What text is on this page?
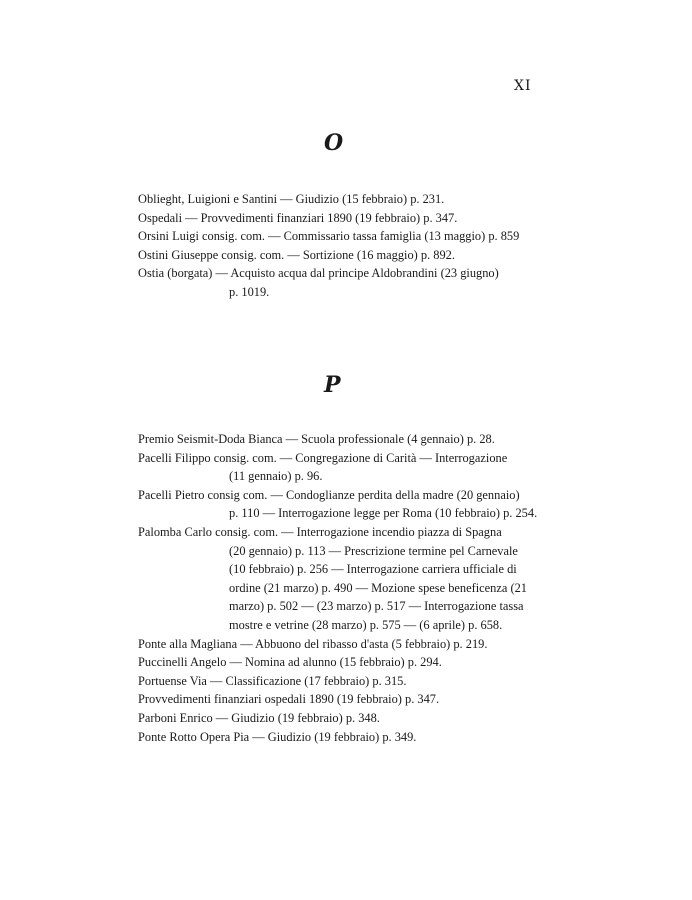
XI
O
Oblieght, Luigioni e Santini — Giudizio (15 febbraio) p. 231.
Ospedali — Provvedimenti finanziari 1890 (19 febbraio) p. 347.
Orsini Luigi consig. com. — Commissario tassa famiglia (13 maggio) p. 859
Ostini Giuseppe consig. com. — Sortizione (16 maggio) p. 892.
Ostia (borgata) — Acquisto acqua dal principe Aldobrandini (23 giugno)
p. 1019.
P
Premio Seismit-Doda Bianca — Scuola professionale (4 gennaio) p. 28.
Pacelli Filippo consig. com. — Congregazione di Carità — Interrogazione
(11 gennaio) p. 96.
Pacelli Pietro consig com. — Condoglianze perdita della madre (20 gennaio)
p. 110 — Interrogazione legge per Roma (10 febbraio) p. 254.
Palomba Carlo consig. com. — Interrogazione incendio piazza di Spagna
(20 gennaio) p. 113 — Prescrizione termine pel Carnevale
(10 febbraio) p. 256 — Interrogazione carriera ufficiale di
ordine (21 marzo) p. 490 — Mozione spese beneficenza (21
marzo) p. 502 — (23 marzo) p. 517 — Interrogazione tassa
mostre e vetrine (28 marzo) p. 575 — (6 aprile) p. 658.
Ponte alla Magliana — Abbuono del ribasso d'asta (5 febbraio) p. 219.
Puccinelli Angelo — Nomina ad alunno (15 febbraio) p. 294.
Portuense Via — Classificazione (17 febbraio) p. 315.
Provvedimenti finanziari ospedali 1890 (19 febbraio) p. 347.
Parboni Enrico — Giudizio (19 febbraio) p. 348.
Ponte Rotto Opera Pia — Giudizio (19 febbraio) p. 349.
